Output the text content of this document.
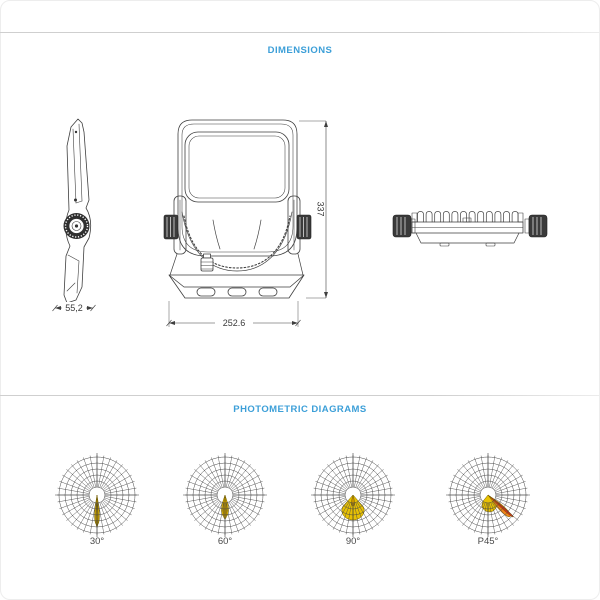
DIMENSIONS
55,2
252.6
337
PHOTOMETRIC DIAGRAMS
30°	60°	90°	P45°
